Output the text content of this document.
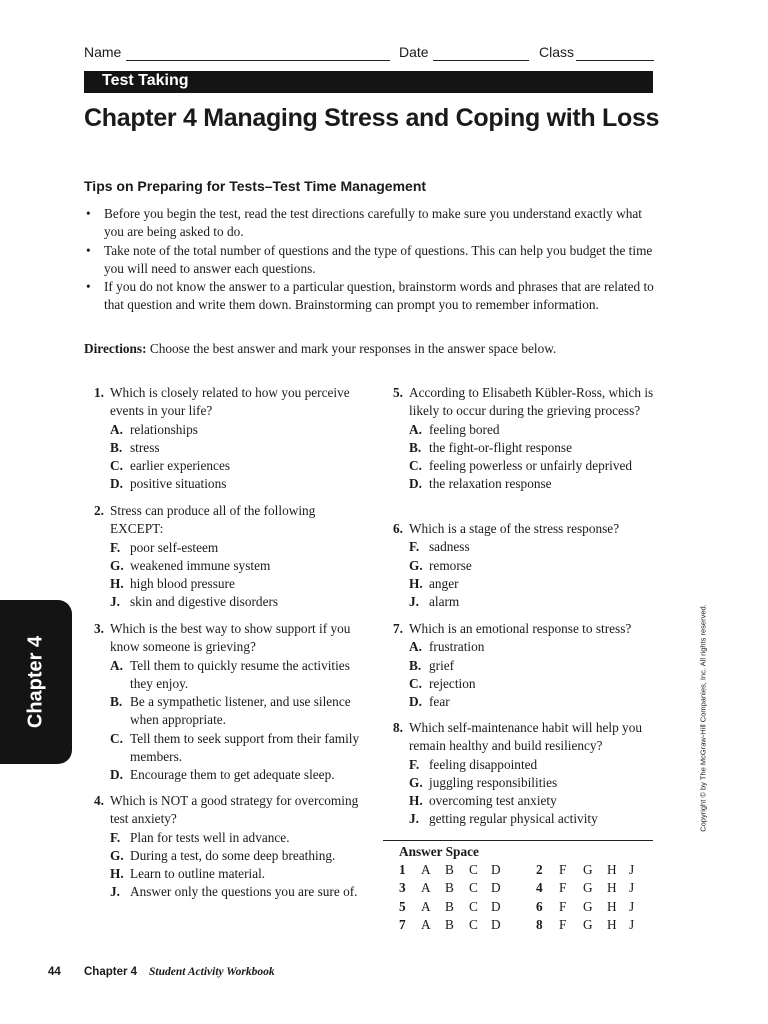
Name	Date	Class
Test Taking
Chapter 4 Managing Stress and Coping with Loss
Tips on Preparing for Tests–Test Time Management
• Before you begin the test, read the test directions carefully to make sure you understand exactly what you are being asked to do.
• Take note of the total number of questions and the type of questions. This can help you budget the time you will need to answer each questions.
• If you do not know the answer to a particular question, brainstorm words and phrases that are related to that question and write them down. Brainstorming can prompt you to remember information.
Directions: Choose the best answer and mark your responses in the answer space below.
1. Which is closely related to how you perceive events in your life?
A. relationships
B. stress
C. earlier experiences
D. positive situations
2. Stress can produce all of the following EXCEPT:
F. poor self-esteem
G. weakened immune system
H. high blood pressure
J. skin and digestive disorders
3. Which is the best way to show support if you know someone is grieving?
A. Tell them to quickly resume the activities they enjoy.
B. Be a sympathetic listener, and use silence when appropriate.
C. Tell them to seek support from their family members.
D. Encourage them to get adequate sleep.
4. Which is NOT a good strategy for overcoming test anxiety?
F. Plan for tests well in advance.
G. During a test, do some deep breathing.
H. Learn to outline material.
J. Answer only the questions you are sure of.
5. According to Elisabeth Kübler-Ross, which is likely to occur during the grieving process?
A. feeling bored
B. the fight-or-flight response
C. feeling powerless or unfairly deprived
D. the relaxation response
6. Which is a stage of the stress response?
F. sadness
G. remorse
H. anger
J. alarm
7. Which is an emotional response to stress?
A. frustration
B. grief
C. rejection
D. fear
8. Which self-maintenance habit will help you remain healthy and build resiliency?
F. feeling disappointed
G. juggling responsibilities
H. overcoming test anxiety
J. getting regular physical activity
Answer Space
1 A B C D	2 F G H J
3 A B C D	4 F G H J
5 A B C D	6 F G H J
7 A B C D	8 F G H J
Chapter 4	Copyright © by The McGraw-Hill Companies, Inc. All rights reserved.
44 Chapter 4 Student Activity Workbook
